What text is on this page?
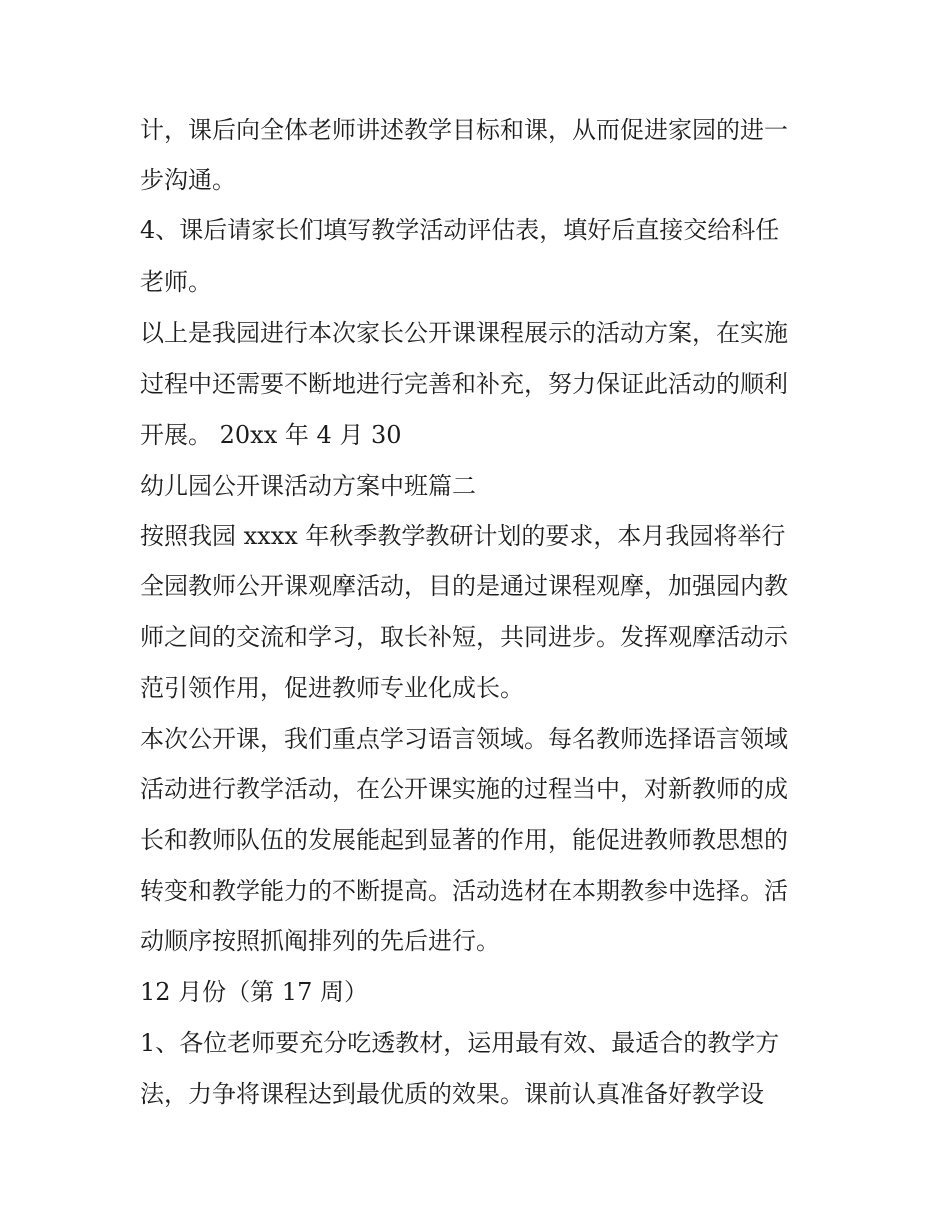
计，课后向全体老师讲述教学目标和课，从而促进家园的进一
步沟通。
4、课后请家长们填写教学活动评估表，填好后直接交给科任
老师。
以上是我园进行本次家长公开课课程展示的活动方案，在实施
过程中还需要不断地进行完善和补充，努力保证此活动的顺利
开展。 20xx 年 4 月 30
幼儿园公开课活动方案中班篇二
按照我园 xxxx 年秋季教学教研计划的要求，本月我园将举行
全园教师公开课观摩活动，目的是通过课程观摩，加强园内教
师之间的交流和学习，取长补短，共同进步。发挥观摩活动示
范引领作用，促进教师专业化成长。
本次公开课，我们重点学习语言领域。每名教师选择语言领域
活动进行教学活动，在公开课实施的过程当中，对新教师的成
长和教师队伍的发展能起到显著的作用，能促进教师教思想的
转变和教学能力的不断提高。活动选材在本期教参中选择。活
动顺序按照抓阄排列的先后进行。
12 月份（第 17 周）
1、各位老师要充分吃透教材，运用最有效、最适合的教学方
法，力争将课程达到最优质的效果。课前认真准备好教学设
